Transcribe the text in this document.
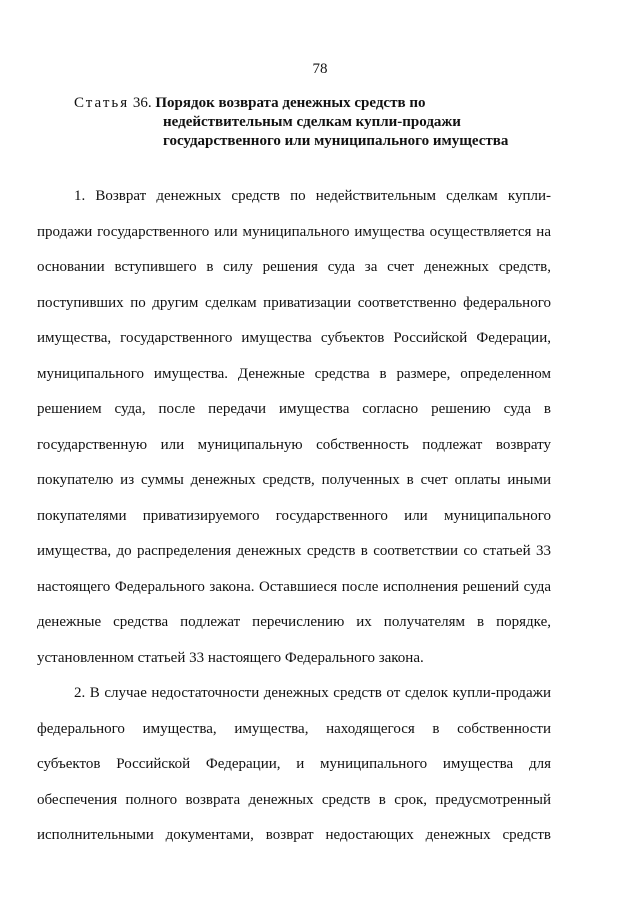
78
Статья 36. Порядок возврата денежных средств по
недействительным сделкам купли-продажи
государственного или муниципального имущества
1. Возврат денежных средств по недействительным сделкам купли-
продажи государственного или муниципального имущества осуществляется на
основании вступившего в силу решения суда за счет денежных средств,
поступивших по другим сделкам приватизации соответственно федерального
имущества, государственного имущества субъектов Российской Федерации,
муниципального имущества. Денежные средства в размере, определенном
решением суда, после передачи имущества согласно решению суда в
государственную или муниципальную собственность подлежат возврату
покупателю из суммы денежных средств, полученных в счет оплаты иными
покупателями приватизируемого государственного или муниципального
имущества, до распределения денежных средств в соответствии со статьей 33
настоящего Федерального закона. Оставшиеся после исполнения решений суда
денежные средства подлежат перечислению их получателям в порядке,
установленном статьей 33 настоящего Федерального закона.
2. В случае недостаточности денежных средств от сделок купли-продажи
федерального имущества, имущества, находящегося в собственности
субъектов Российской Федерации, и муниципального имущества для
обеспечения полного возврата денежных средств в срок, предусмотренный
исполнительными документами, возврат недостающих денежных средств
